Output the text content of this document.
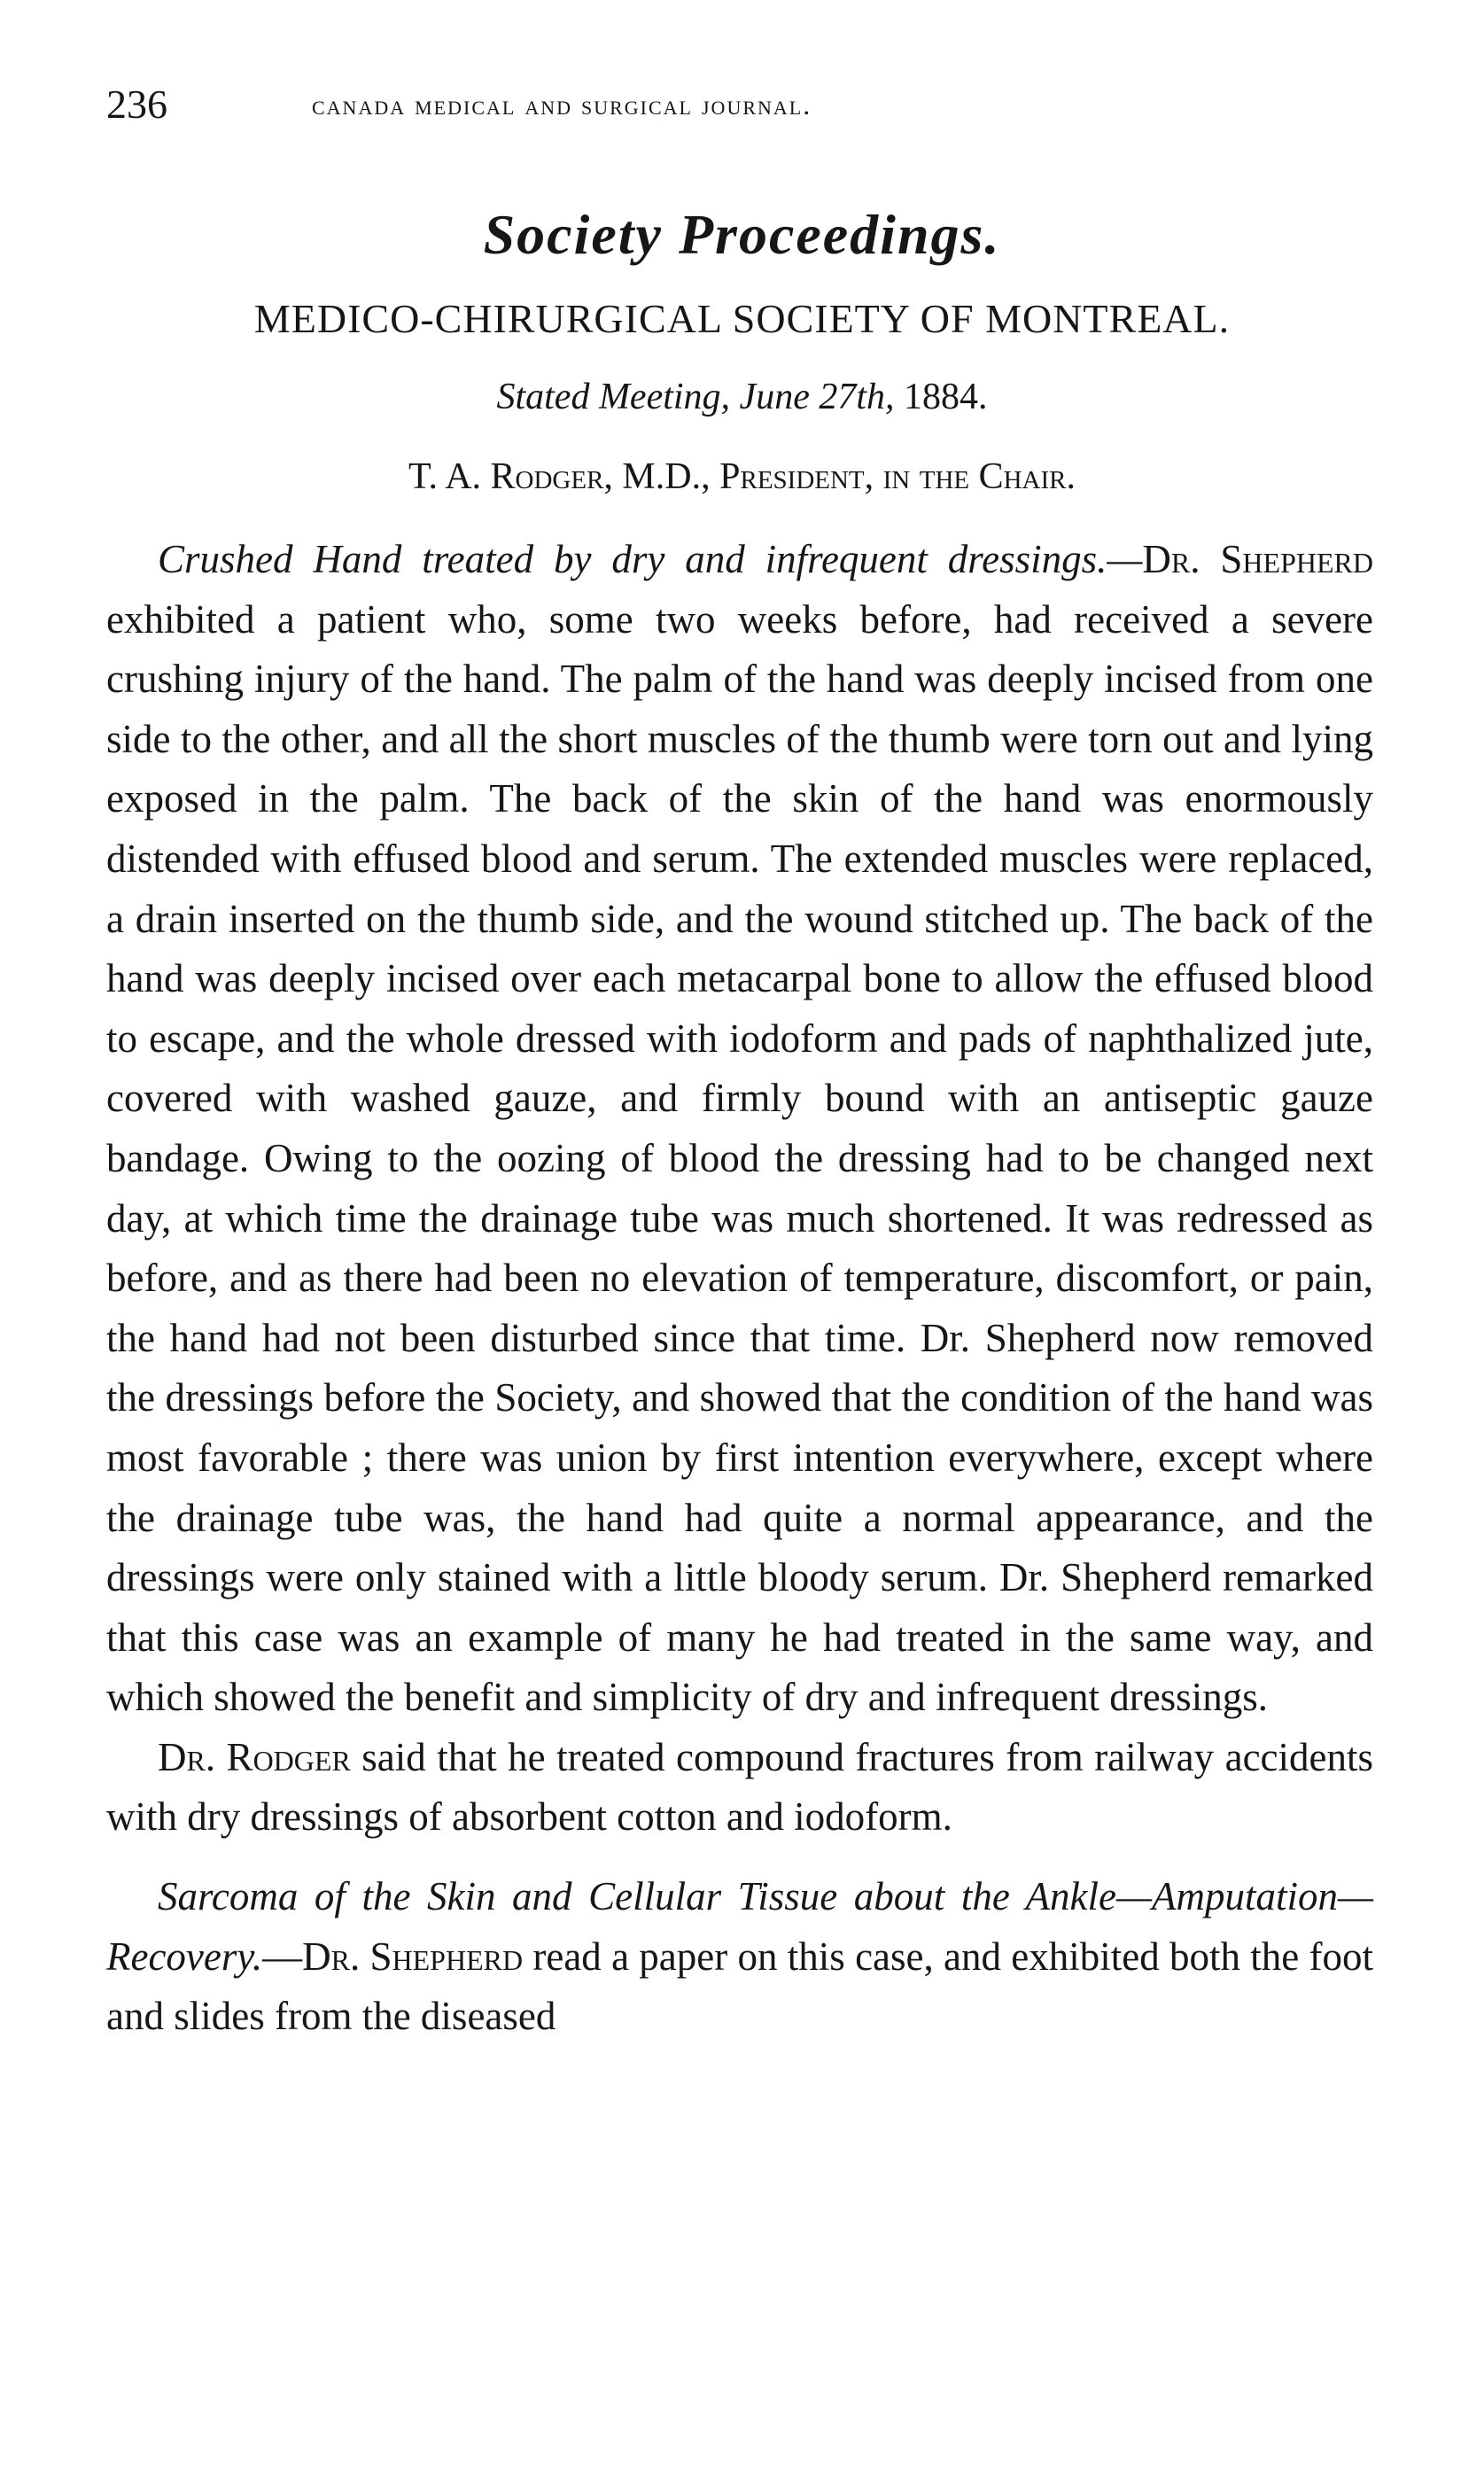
236	canada medical and surgical journal.
Society Proceedings.
MEDICO-CHIRURGICAL SOCIETY OF MONTREAL.
Stated Meeting, June 27th, 1884.
T. A. Rodger, M.D., President, in the Chair.

Crushed Hand treated by dry and infrequent dressings.—Dr. Shepherd exhibited a patient who, some two weeks before, had received a severe crushing injury of the hand. The palm of the hand was deeply incised from one side to the other, and all the short muscles of the thumb were torn out and lying exposed in the palm. The back of the skin of the hand was enormously distended with effused blood and serum. The extended muscles were replaced, a drain inserted on the thumb side, and the wound stitched up. The back of the hand was deeply incised over each metacarpal bone to allow the effused blood to escape, and the whole dressed with iodoform and pads of naphthalized jute, covered with washed gauze, and firmly bound with an antiseptic gauze bandage. Owing to the oozing of blood the dressing had to be changed next day, at which time the drainage tube was much shortened. It was redressed as before, and as there had been no elevation of temperature, discomfort, or pain, the hand had not been disturbed since that time. Dr. Shepherd now removed the dressings before the Society, and showed that the condition of the hand was most favorable ; there was union by first intention everywhere, except where the drainage tube was, the hand had quite a normal appearance, and the dressings were only stained with a little bloody serum. Dr. Shepherd remarked that this case was an example of many he had treated in the same way, and which showed the benefit and simplicity of dry and infrequent dressings.

Dr. Rodger said that he treated compound fractures from railway accidents with dry dressings of absorbent cotton and iodoform.

Sarcoma of the Skin and Cellular Tissue about the Ankle—Amputation—Recovery.—Dr. Shepherd read a paper on this case, and exhibited both the foot and slides from the diseased
